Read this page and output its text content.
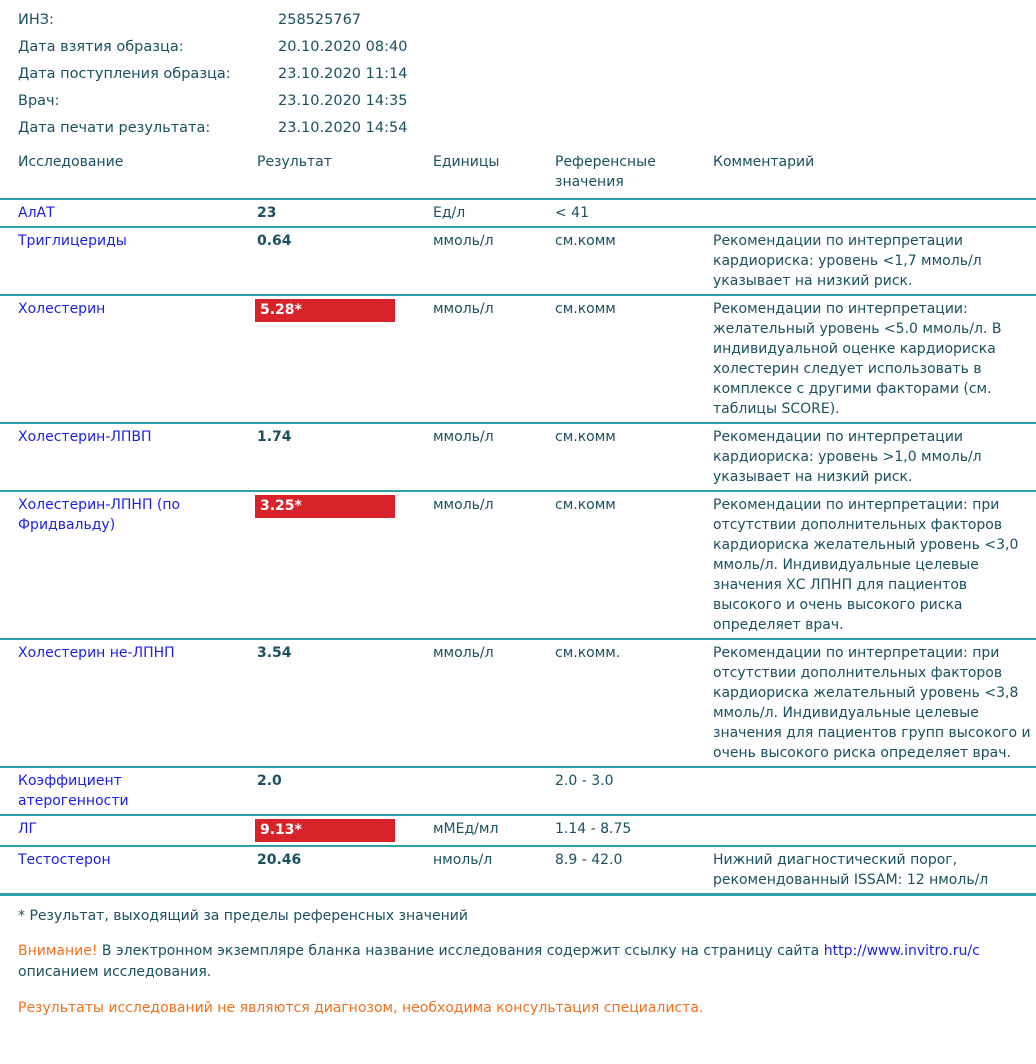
ИНЗ:	258525767
Дата взятия образца:	20.10.2020 08:40
Дата поступления образца:	23.10.2020 11:14
Врач:	23.10.2020 14:35
Дата печати результата:	23.10.2020 14:54
Исследование	Результат	Единицы	Референсные значения	Комментарий
АлАТ	23	Ед/л	< 41	
Триглицериды	0.64	ммоль/л	см.комм	Рекомендации по интерпретации кардиориска: уровень <1,7 ммоль/л указывает на низкий риск.
Холестерин	5.28*	ммоль/л	см.комм	Рекомендации по интерпретации: желательный уровень <5.0 ммоль/л. В индивидуальной оценке кардиориска холестерин следует использовать в комплексе с другими факторами (см. таблицы SCORE).
Холестерин-ЛПВП	1.74	ммоль/л	см.комм	Рекомендации по интерпретации кардиориска: уровень >1,0 ммоль/л указывает на низкий риск.
Холестерин-ЛПНП (по Фридвальду)	3.25*	ммоль/л	см.комм	Рекомендации по интерпретации: при отсутствии дополнительных факторов кардиориска желательный уровень <3,0 ммоль/л. Индивидуальные целевые значения ХС ЛПНП для пациентов высокого и очень высокого риска определяет врач.
Холестерин не-ЛПНП	3.54	ммоль/л	см.комм.	Рекомендации по интерпретации: при отсутствии дополнительных факторов кардиориска желательный уровень <3,8 ммоль/л. Индивидуальные целевые значения для пациентов групп высокого и очень высокого риска определяет врач.
Коэффициент атерогенности	2.0		2.0 - 3.0	
ЛГ	9.13*	мМЕд/мл	1.14 - 8.75	
Тестостерон	20.46	нмоль/л	8.9 - 42.0	Нижний диагностический порог, рекомендованный ISSAM: 12 нмоль/л
* Результат, выходящий за пределы референсных значений
Внимание! В электронном экземпляре бланка название исследования содержит ссылку на страницу сайта http://www.invitro.ru/с описанием исследования.
Результаты исследований не являются диагнозом, необходима консультация специалиста.
